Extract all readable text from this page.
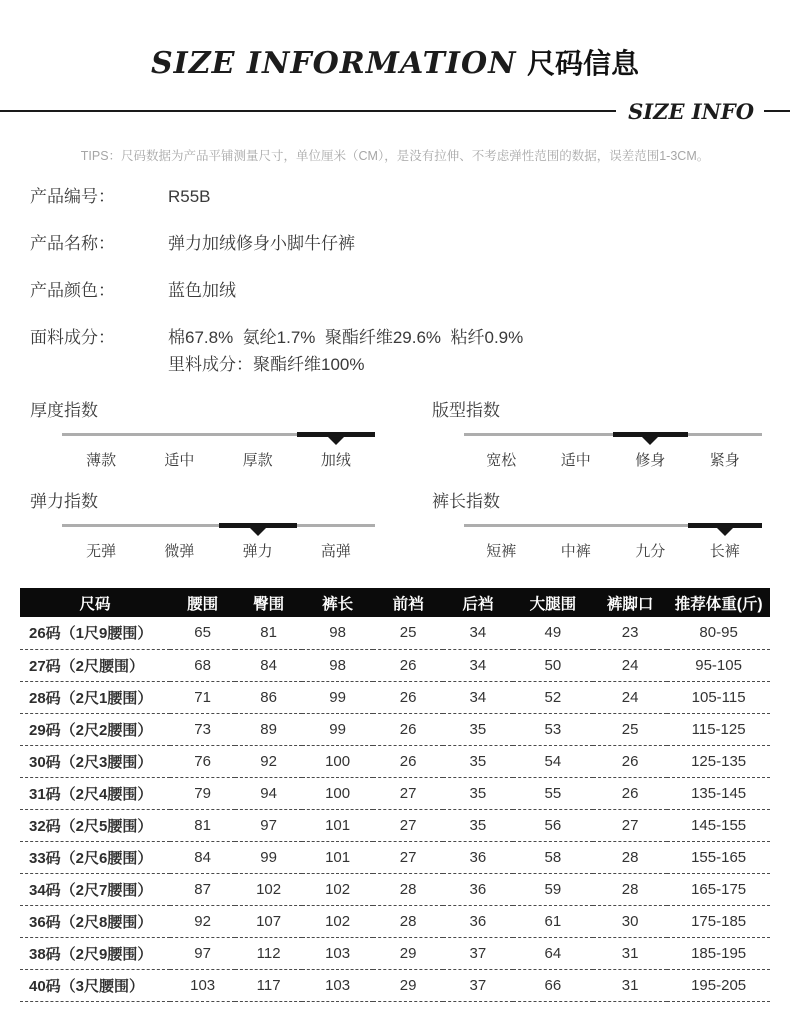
SIZE INFORMATION 尺码信息
SIZE INFO
TIPS：尺码数据为产品平铺测量尺寸，单位厘米（CM），是没有拉伸、不考虑弹性范围的数据，误差范围1-3CM。
产品编号：	R55B
产品名称：	弹力加绒修身小脚牛仔裤
产品颜色：	蓝色加绒
面料成分：	棉67.8%  氨纶1.7%  聚酯纤维29.6%  粘纤0.9%
里料成分：聚酯纤维100%
厚度指数
薄款	适中	厚款	加绒
版型指数
宽松	适中	修身	紧身
弹力指数
无弹	微弹	弹力	高弹
裤长指数
短裤	中裤	九分	长裤
尺码	腰围	臀围	裤长	前裆	后裆	大腿围	裤脚口	推荐体重(斤)
26码（1尺9腰围）	65	81	98	25	34	49	23	80-95
27码（2尺腰围）	68	84	98	26	34	50	24	95-105
28码（2尺1腰围）	71	86	99	26	34	52	24	105-115
29码（2尺2腰围）	73	89	99	26	35	53	25	115-125
30码（2尺3腰围）	76	92	100	26	35	54	26	125-135
31码（2尺4腰围）	79	94	100	27	35	55	26	135-145
32码（2尺5腰围）	81	97	101	27	35	56	27	145-155
33码（2尺6腰围）	84	99	101	27	36	58	28	155-165
34码（2尺7腰围）	87	102	102	28	36	59	28	165-175
36码（2尺8腰围）	92	107	102	28	36	61	30	175-185
38码（2尺9腰围）	97	112	103	29	37	64	31	185-195
40码（3尺腰围）	103	117	103	29	37	66	31	195-205
